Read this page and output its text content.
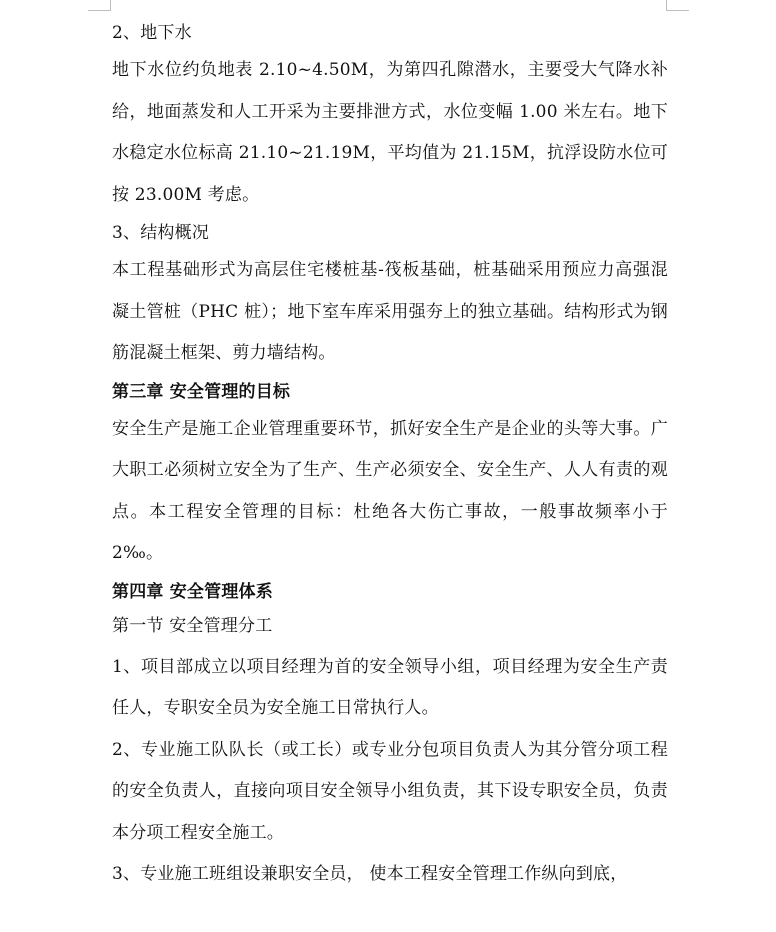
2、地下水

地下水位约负地表 2.10~4.50M，为第四孔隙潜水，主要受大气降水补给，地面蒸发和人工开采为主要排泄方式，水位变幅 1.00 米左右。地下水稳定水位标高 21.10~21.19M，平均值为 21.15M，抗浮设防水位可按 23.00M 考虑。

3、结构概况

本工程基础形式为高层住宅楼桩基-筏板基础，桩基础采用预应力高强混凝土管桩（PHC 桩）；地下室车库采用强夯上的独立基础。结构形式为钢筋混凝土框架、剪力墙结构。

第三章 安全管理的目标

安全生产是施工企业管理重要环节，抓好安全生产是企业的头等大事。广大职工必须树立安全为了生产、生产必须安全、安全生产、人人有责的观点。本工程安全管理的目标：杜绝各大伤亡事故，一般事故频率小于 2‰。

第四章 安全管理体系
第一节 安全管理分工

1、项目部成立以项目经理为首的安全领导小组，项目经理为安全生产责任人，专职安全员为安全施工日常执行人。

2、专业施工队队长（或工长）或专业分包项目负责人为其分管分项工程的安全负责人，直接向项目安全领导小组负责，其下设专职安全员，负责本分项工程安全施工。

3、专业施工班组设兼职安全员， 使本工程安全管理工作纵向到底，
